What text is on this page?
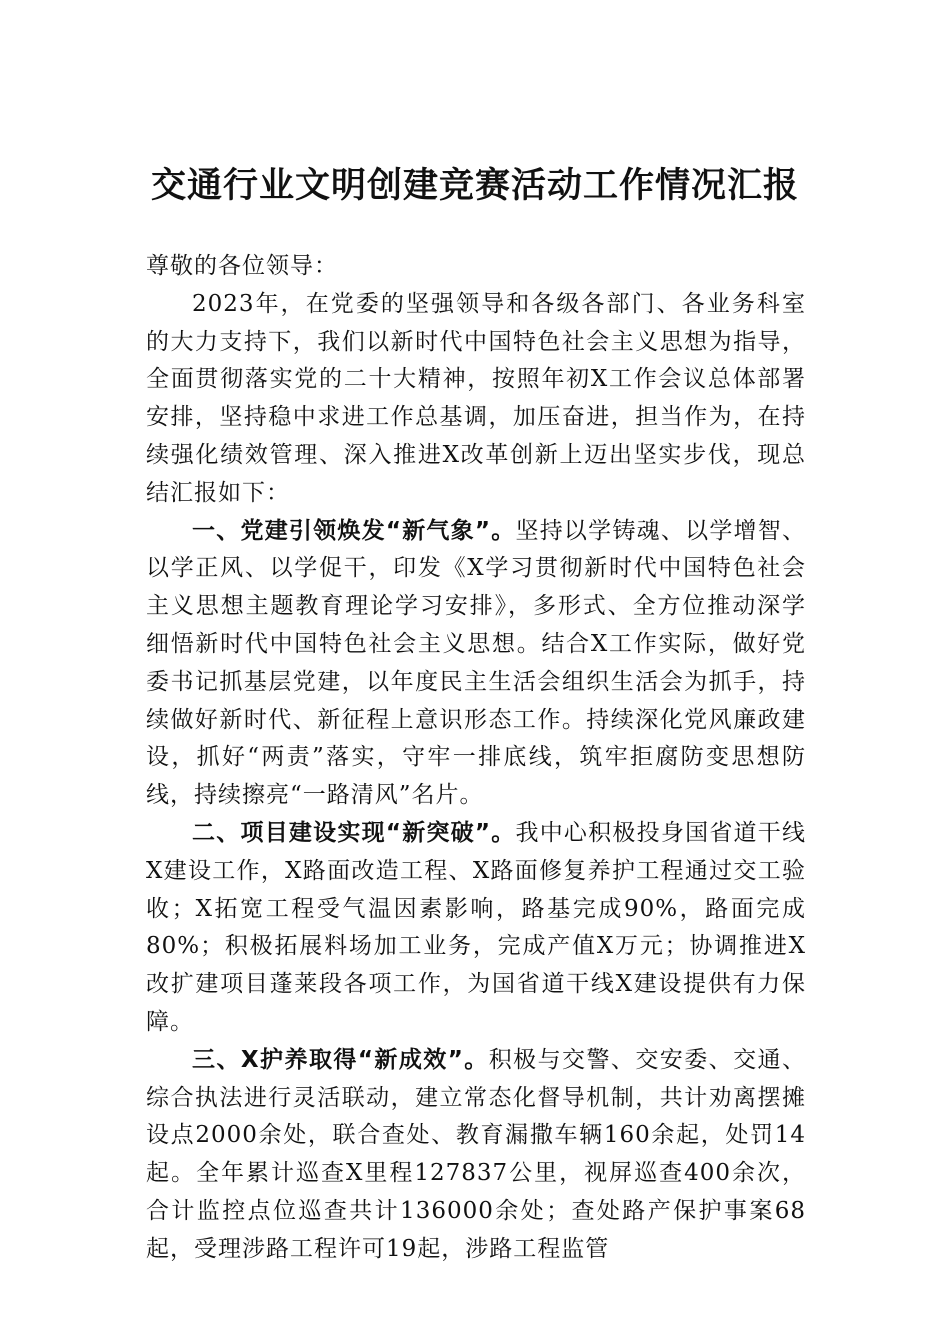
交通行业文明创建竞赛活动工作情况汇报

尊敬的各位领导：

2023年，在党委的坚强领导和各级各部门、各业务科室的大力支持下，我们以新时代中国特色社会主义思想为指导，全面贯彻落实党的二十大精神，按照年初X工作会议总体部署安排，坚持稳中求进工作总基调，加压奋进，担当作为，在持续强化绩效管理、深入推进X改革创新上迈出坚实步伐，现总结汇报如下：

一、党建引领焕发“新气象”。坚持以学铸魂、以学增智、以学正风、以学促干，印发《X学习贯彻新时代中国特色社会主义思想主题教育理论学习安排》，多形式、全方位推动深学细悟新时代中国特色社会主义思想。结合X工作实际，做好党委书记抓基层党建，以年度民主生活会组织生活会为抓手，持续做好新时代、新征程上意识形态工作。持续深化党风廉政建设，抓好“两责”落实，守牢一排底线，筑牢拒腐防变思想防线，持续擦亮“一路清风”名片。

二、项目建设实现“新突破”。我中心积极投身国省道干线X建设工作，X路面改造工程、X路面修复养护工程通过交工验收；X拓宽工程受气温因素影响，路基完成90%，路面完成80%；积极拓展料场加工业务，完成产值X万元；协调推进X改扩建项目蓬莱段各项工作，为国省道干线X建设提供有力保障。

三、X护养取得“新成效”。积极与交警、交安委、交通、综合执法进行灵活联动，建立常态化督导机制，共计劝离摆摊设点2000余处，联合查处、教育漏撒车辆160余起，处罚14起。全年累计巡查X里程127837公里，视屏巡查400余次，合计监控点位巡查共计136000余处；查处路产保护事案68起，受理涉路工程许可19起，涉路工程监管
